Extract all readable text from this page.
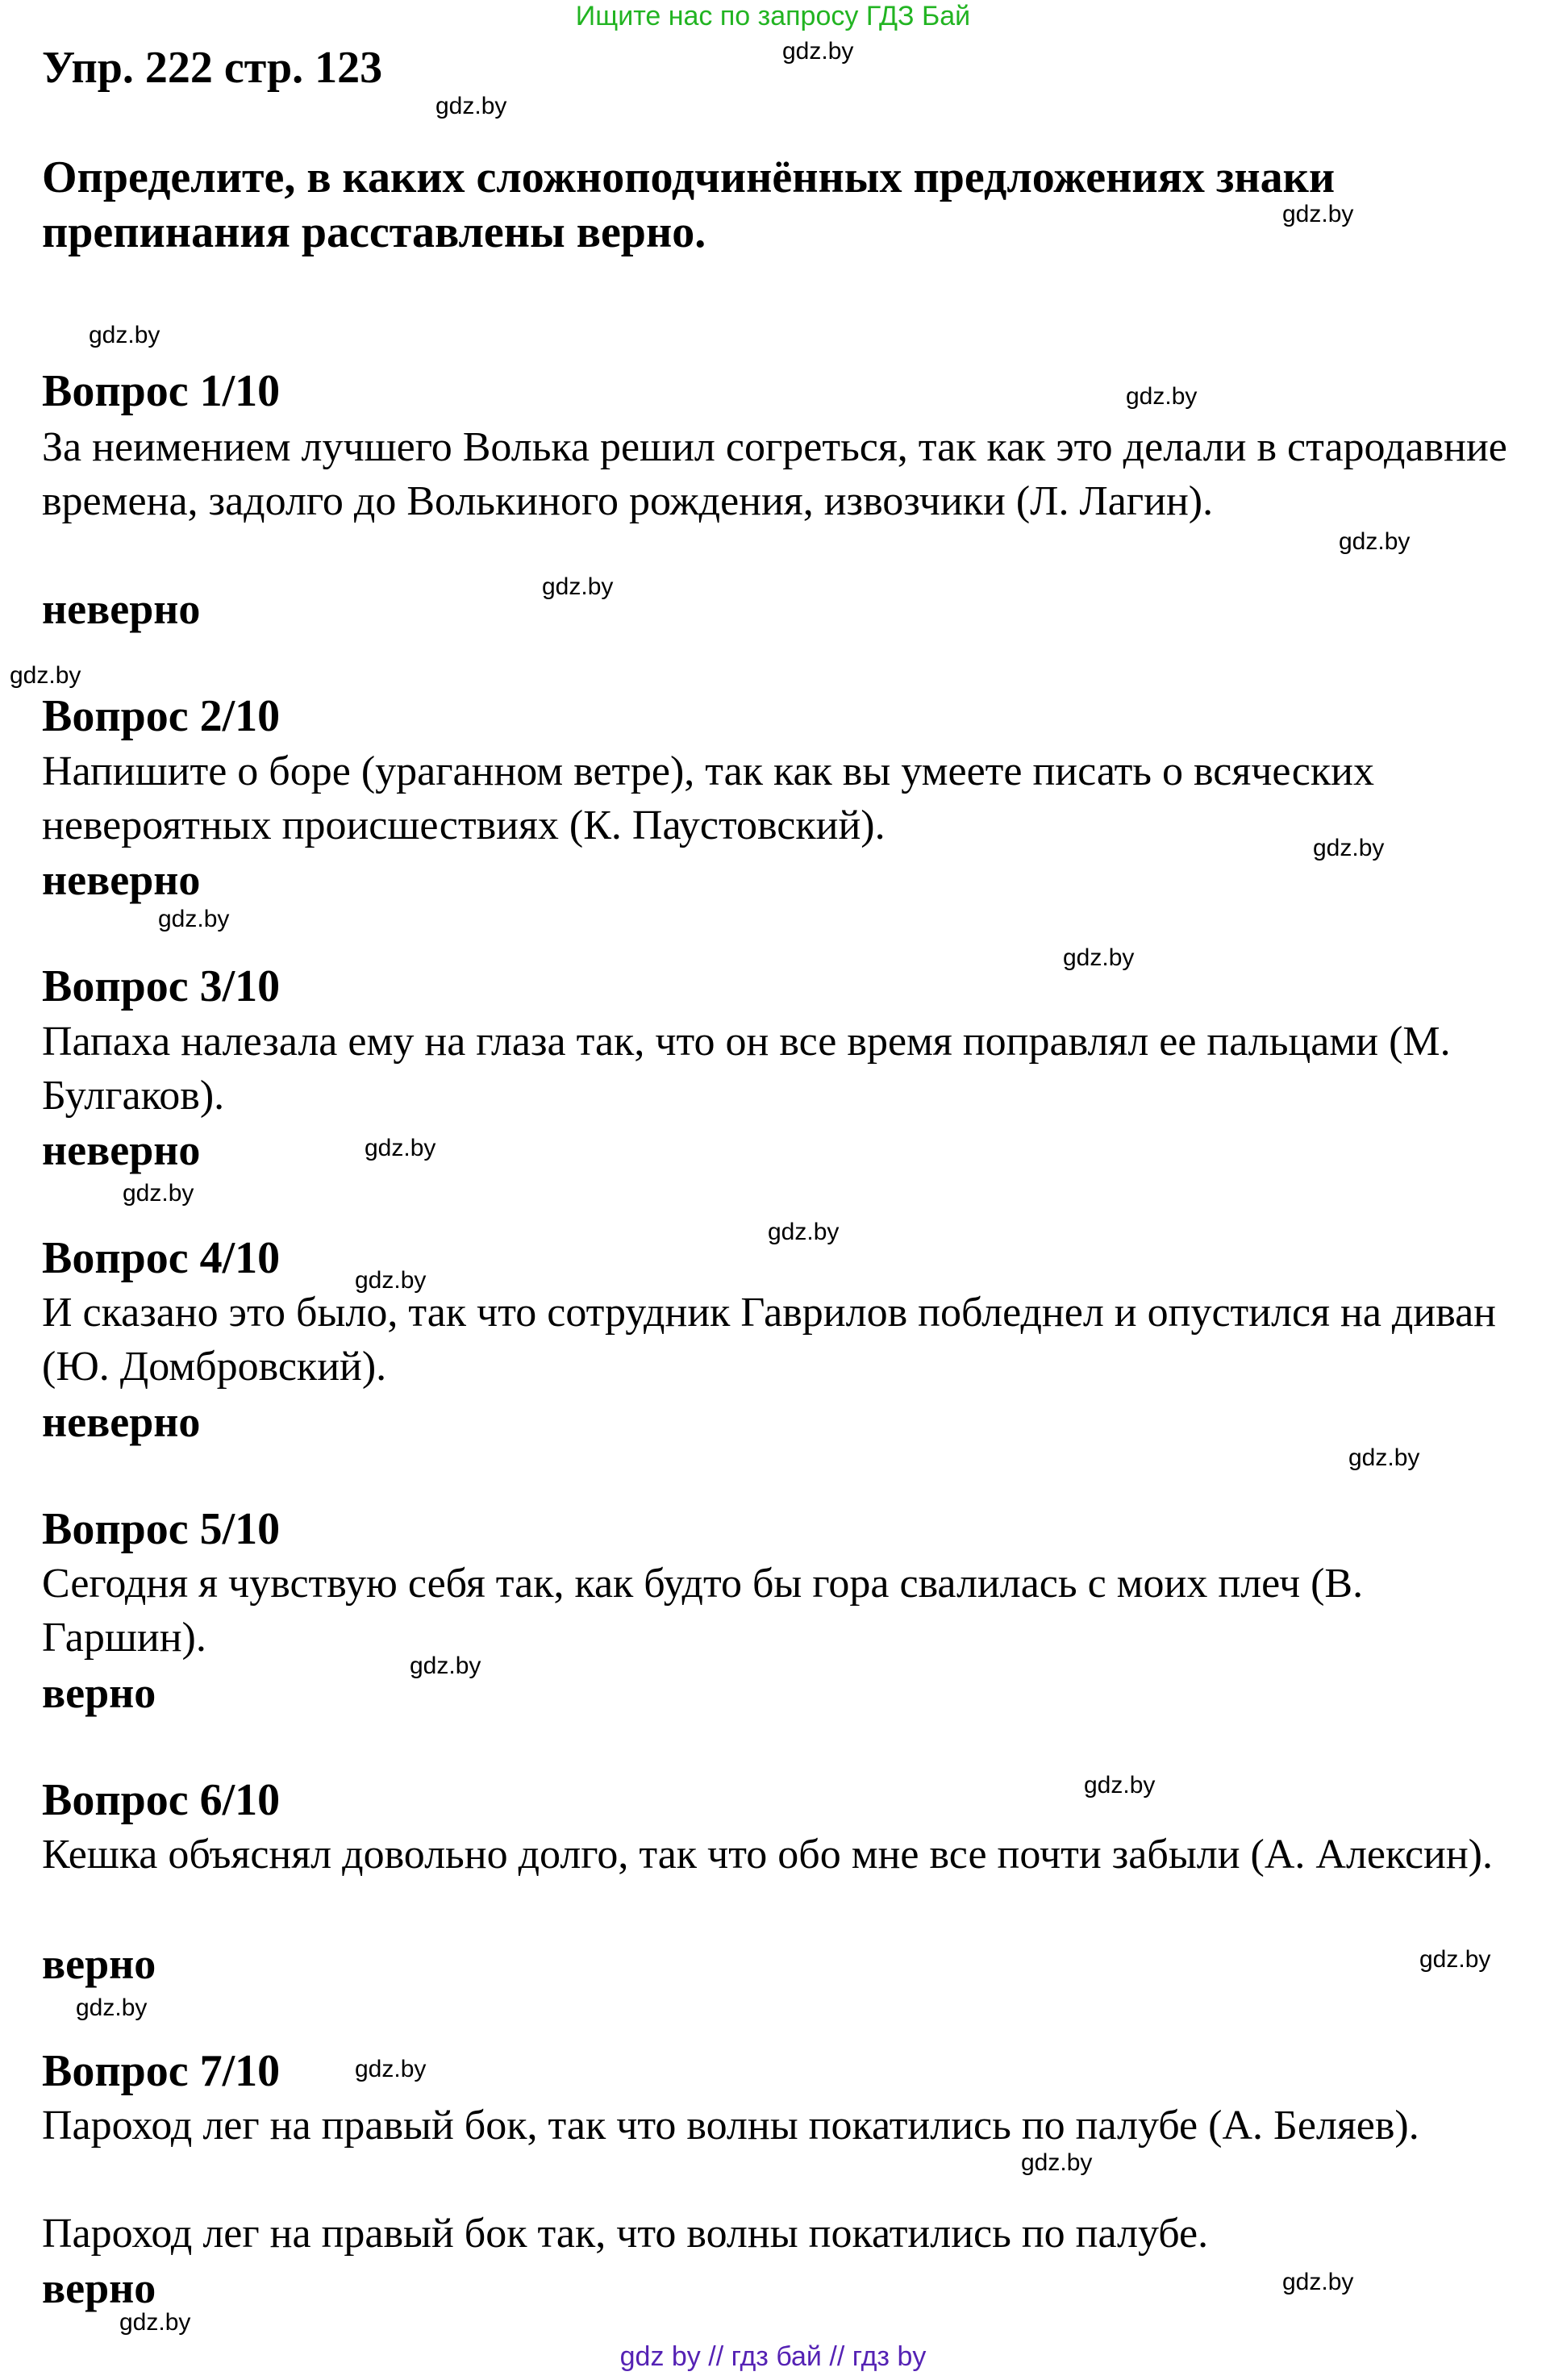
Ищите нас по запросу ГДЗ Бай
Упр. 222 стр. 123
Определите, в каких сложноподчинённых предложениях знаки препинания расставлены верно.
Вопрос 1/10
За неимением лучшего Волька решил согреться, так как это делали в стародавние времена, задолго до Волькиного рождения, извозчики (Л. Лагин).
неверно
Вопрос 2/10
Напишите о боре (ураганном ветре), так как вы умеете писать о всяческих невероятных происшествиях (К. Паустовский).
неверно
Вопрос 3/10
Папаха налезала ему на глаза так, что он все время поправлял ее пальцами (М. Булгаков).
неверно
Вопрос 4/10
И сказано это было, так что сотрудник Гаврилов побледнел и опустился на диван (Ю. Домбровский).
неверно
Вопрос 5/10
Сегодня я чувствую себя так, как будто бы гора свалилась с моих плеч (В. Гаршин).
верно
Вопрос 6/10
Кешка объяснял довольно долго, так что обо мне все почти забыли (А. Алексин).
верно
Вопрос 7/10
Пароход лег на правый бок, так что волны покатились по палубе (А. Беляев).
Пароход лег на правый бок так, что волны покатились по палубе.
верно
gdz.by
gdz.by
gdz.by
gdz.by
gdz.by
gdz.by
gdz.by
gdz.by
gdz.by
gdz.by
gdz.by
gdz.by
gdz.by
gdz.by
gdz.by
gdz.by
gdz.by
gdz.by
gdz.by
gdz.by
gdz.by
gdz.by
gdz.by
gdz.by
gdz by // гдз бай // гдз by
